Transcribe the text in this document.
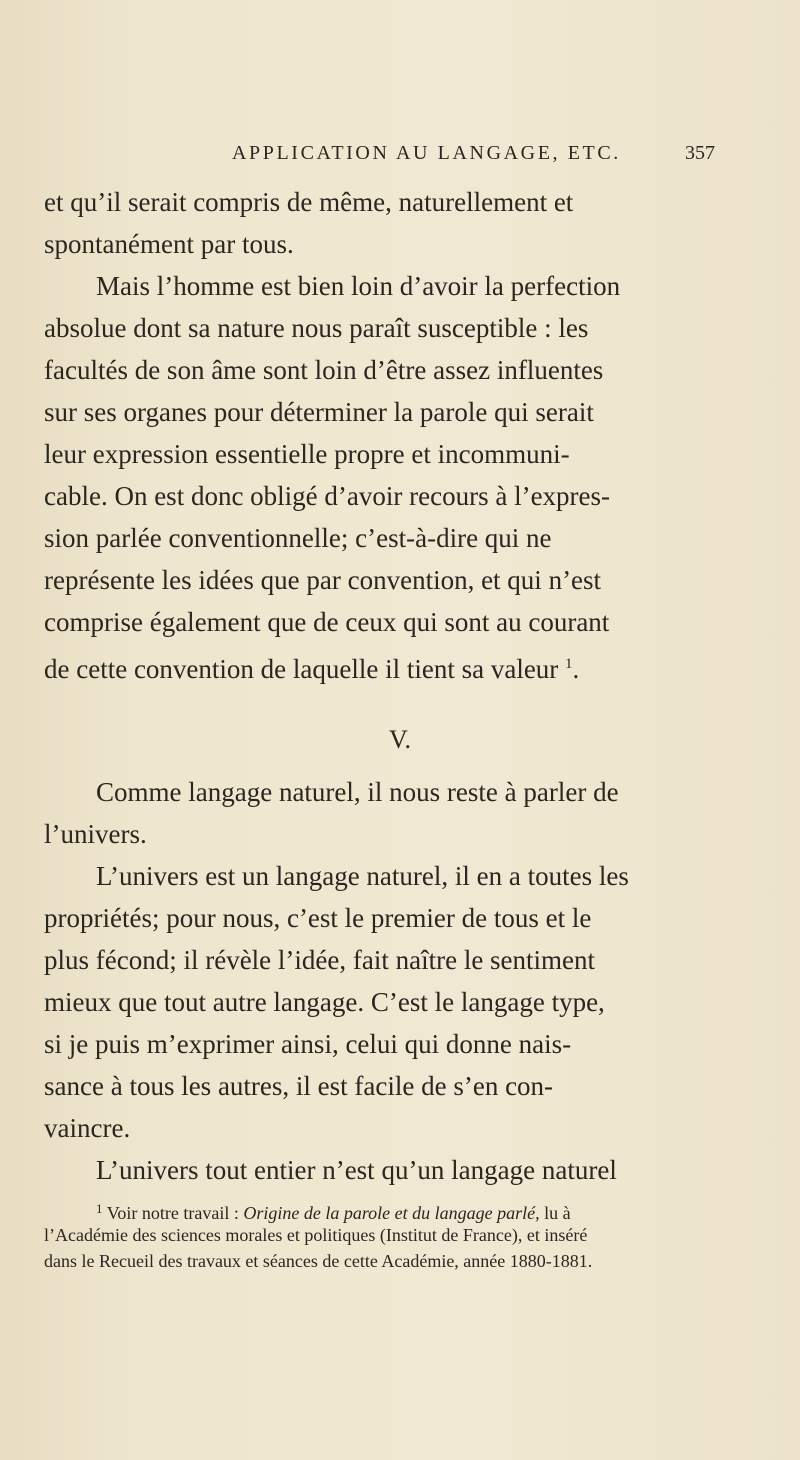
APPLICATION AU LANGAGE, ETC.	357
et qu’il serait compris de même, naturellement et
spontanément par tous.
Mais l’homme est bien loin d’avoir la perfection
absolue dont sa nature nous paraît susceptible : les
facultés de son âme sont loin d’être assez influentes
sur ses organes pour déterminer la parole qui serait
leur expression essentielle propre et incommuni-
cable. On est donc obligé d’avoir recours à l’expres-
sion parlée conventionnelle; c’est-à-dire qui ne
représente les idées que par convention, et qui n’est
comprise également que de ceux qui sont au courant
de cette convention de laquelle il tient sa valeur $^1$.
V.
Comme langage naturel, il nous reste à parler de
l’univers.
L’univers est un langage naturel, il en a toutes les
propriétés; pour nous, c’est le premier de tous et le
plus fécond; il révèle l’idée, fait naître le sentiment
mieux que tout autre langage. C’est le langage type,
si je puis m’exprimer ainsi, celui qui donne nais-
sance à tous les autres, il est facile de s’en con-
vaincre.
L’univers tout entier n’est qu’un langage naturel
$^1$ Voir notre travail : Origine de la parole et du langage parlé, lu à
l’Académie des sciences morales et politiques (Institut de France), et inséré
dans le Recueil des travaux et séances de cette Académie, année 1880-1881.
